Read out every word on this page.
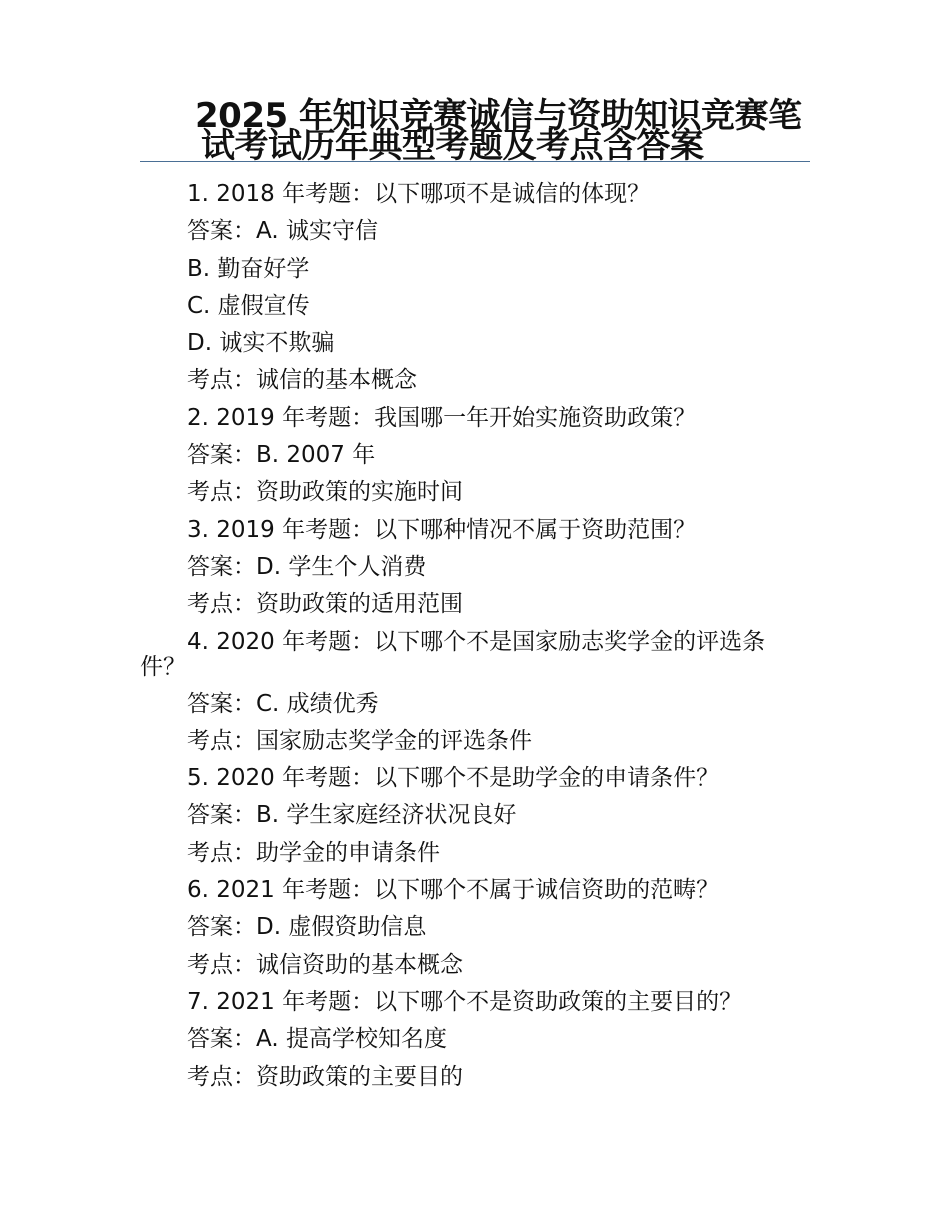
2025 年知识竞赛诚信与资助知识竞赛笔
试考试历年典型考题及考点含答案
1. 2018 年考题：以下哪项不是诚信的体现？
答案：A. 诚实守信
B. 勤奋好学
C. 虚假宣传
D. 诚实不欺骗
考点：诚信的基本概念
2. 2019 年考题：我国哪一年开始实施资助政策？
答案：B. 2007 年
考点：资助政策的实施时间
3. 2019 年考题：以下哪种情况不属于资助范围？
答案：D. 学生个人消费
考点：资助政策的适用范围
4. 2020 年考题：以下哪个不是国家励志奖学金的评选条件？
答案：C. 成绩优秀
考点：国家励志奖学金的评选条件
5. 2020 年考题：以下哪个不是助学金的申请条件？
答案：B. 学生家庭经济状况良好
考点：助学金的申请条件
6. 2021 年考题：以下哪个不属于诚信资助的范畴？
答案：D. 虚假资助信息
考点：诚信资助的基本概念
7. 2021 年考题：以下哪个不是资助政策的主要目的？
答案：A. 提高学校知名度
考点：资助政策的主要目的
